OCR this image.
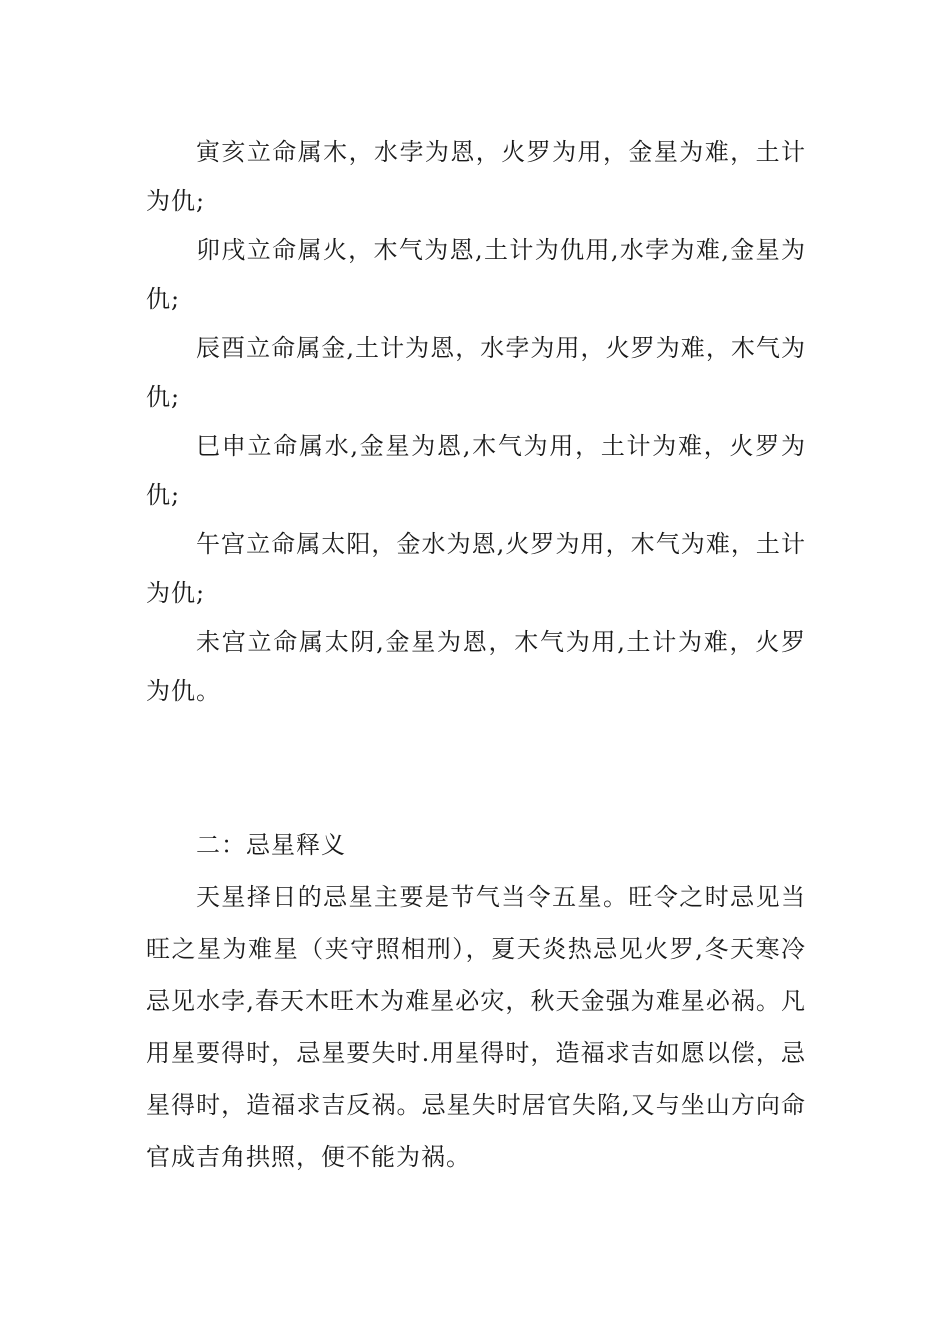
寅亥立命属木，水孛为恩，火罗为用，金星为难，土计为仇;

卯戌立命属火，木气为恩,土计为仇用,水孛为难,金星为仇;

辰酉立命属金,土计为恩，水孛为用，火罗为难，木气为仇;

巳申立命属水,金星为恩,木气为用，土计为难，火罗为仇;

午宫立命属太阳，金水为恩,火罗为用，木气为难，土计为仇;

未宫立命属太阴,金星为恩，木气为用,土计为难，火罗为仇。

二：忌星释义

天星择日的忌星主要是节气当令五星。旺令之时忌见当旺之星为难星（夹守照相刑），夏天炎热忌见火罗,冬天寒冷忌见水孛,春天木旺木为难星必灾，秋天金强为难星必祸。凡用星要得时，忌星要失时.用星得时，造福求吉如愿以偿，忌星得时，造福求吉反祸。忌星失时居官失陷,又与坐山方向命官成吉角拱照，便不能为祸。
